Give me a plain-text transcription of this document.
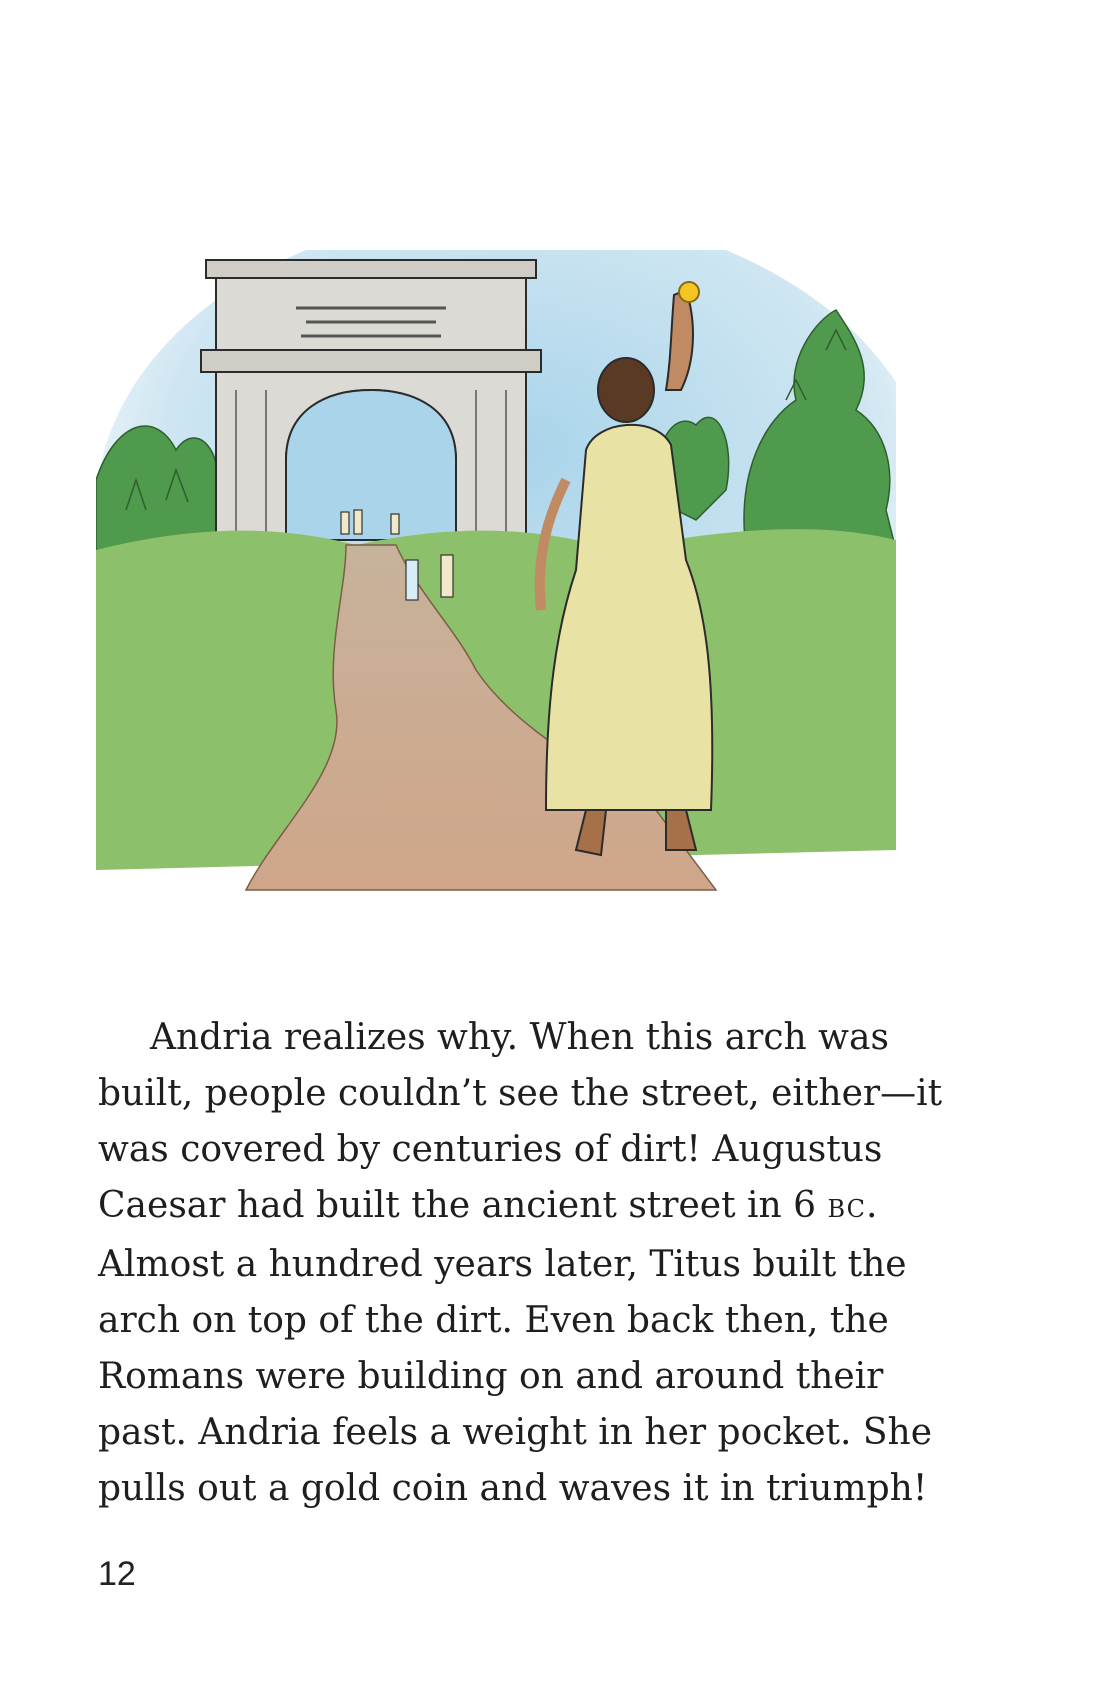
Andria realizes why. When this arch was
built, people couldn’t see the street, either—it
was covered by centuries of dirt! Augustus
Caesar had built the ancient street in 6 BC.
Almost a hundred years later, Titus built the
arch on top of the dirt. Even back then, the
Romans were building on and around their
past. Andria feels a weight in her pocket. She
pulls out a gold coin and waves it in triumph!
12
